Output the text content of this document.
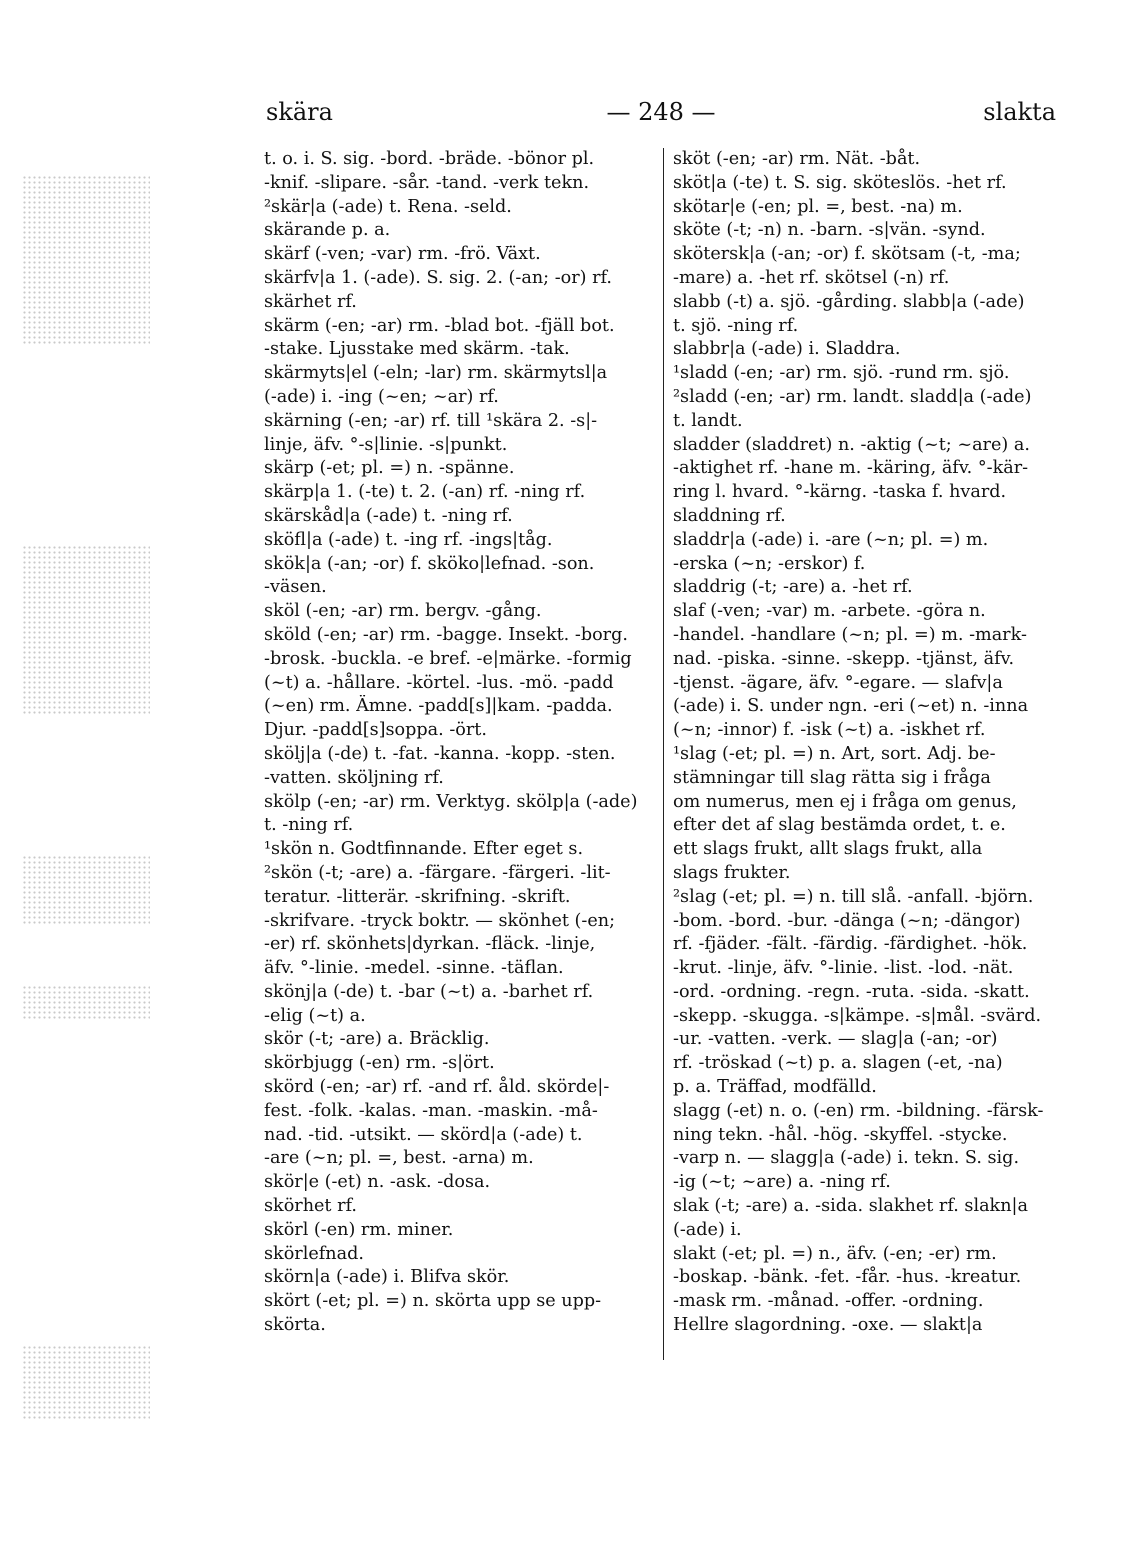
skära	— 248 —	slakta
t. o. i. S. sig. -bord. -bräde. -bönor pl.
-knif. -slipare. -sår. -tand. -verk tekn.
²skär|a (-ade) t. Rena. -seld.
skärande p. a.
skärf (-ven; -var) rm. -frö. Växt.
skärfv|a 1. (-ade). S. sig. 2. (-an; -or) rf.
skärhet rf.
skärm (-en; -ar) rm. -blad bot. -fjäll bot.
-stake. Ljusstake med skärm. -tak.
skärmyts|el (-eln; -lar) rm. skärmytsl|a
(-ade) i. -ing (~en; ~ar) rf.
skärning (-en; -ar) rf. till ¹skära 2. -s|-
linje, äfv. °-s|linie. -s|punkt.
skärp (-et; pl. =) n. -spänne.
skärp|a 1. (-te) t. 2. (-an) rf. -ning rf.
skärskåd|a (-ade) t. -ning rf.
sköfl|a (-ade) t. -ing rf. -ings|tåg.
skök|a (-an; -or) f. sköko|lefnad. -son.
-väsen.
sköl (-en; -ar) rm. bergv. -gång.
sköld (-en; -ar) rm. -bagge. Insekt. -borg.
-brosk. -buckla. -e bref. -e|märke. -formig
(~t) a. -hållare. -körtel. -lus. -mö. -padd
(~en) rm. Ämne. -padd[s]|kam. -padda.
Djur. -padd[s]soppa. -ört.
skölj|a (-de) t. -fat. -kanna. -kopp. -sten.
-vatten. sköljning rf.
skölp (-en; -ar) rm. Verktyg. skölp|a (-ade)
t. -ning rf.
¹skön n. Godtfinnande. Efter eget s.
²skön (-t; -are) a. -färgare. -färgeri. -lit-
teratur. -litterär. -skrifning. -skrift.
-skrifvare. -tryck boktr. — skönhet (-en;
-er) rf. skönhets|dyrkan. -fläck. -linje,
äfv. °-linie. -medel. -sinne. -täflan.
skönj|a (-de) t. -bar (~t) a. -barhet rf.
-elig (~t) a.
skör (-t; -are) a. Bräcklig.
skörbjugg (-en) rm. -s|ört.
skörd (-en; -ar) rf. -and rf. åld. skörde|-
fest. -folk. -kalas. -man. -maskin. -må-
nad. -tid. -utsikt. — skörd|a (-ade) t.
-are (~n; pl. =, best. -arna) m.
skör|e (-et) n. -ask. -dosa.
skörhet rf.
skörl (-en) rm. miner.
skörlefnad.
skörn|a (-ade) i. Blifva skör.
skört (-et; pl. =) n. skörta upp se upp-
skörta.
sköt (-en; -ar) rm. Nät. -båt.
sköt|a (-te) t. S. sig. sköteslös. -het rf.
skötar|e (-en; pl. =, best. -na) m.
sköte (-t; -n) n. -barn. -s|vän. -synd.
skötersk|a (-an; -or) f. skötsam (-t, -ma;
-mare) a. -het rf. skötsel (-n) rf.
slabb (-t) a. sjö. -gårding. slabb|a (-ade)
t. sjö. -ning rf.
slabbr|a (-ade) i. Sladdra.
¹sladd (-en; -ar) rm. sjö. -rund rm. sjö.
²sladd (-en; -ar) rm. landt. sladd|a (-ade)
t. landt.
sladder (sladdret) n. -aktig (~t; ~are) a.
-aktighet rf. -hane m. -käring, äfv. °-kär-
ring l. hvard. °-kärng. -taska f. hvard.
sladdning rf.
sladdr|a (-ade) i. -are (~n; pl. =) m.
-erska (~n; -erskor) f.
sladdrig (-t; -are) a. -het rf.
slaf (-ven; -var) m. -arbete. -göra n.
-handel. -handlare (~n; pl. =) m. -mark-
nad. -piska. -sinne. -skepp. -tjänst, äfv.
-tjenst. -ägare, äfv. °-egare. — slafv|a
(-ade) i. S. under ngn. -eri (~et) n. -inna
(~n; -innor) f. -isk (~t) a. -iskhet rf.
¹slag (-et; pl. =) n. Art, sort. Adj. be-
stämningar till slag rätta sig i fråga
om numerus, men ej i fråga om genus,
efter det af slag bestämda ordet, t. e.
ett slags frukt, allt slags frukt, alla
slags frukter.
²slag (-et; pl. =) n. till slå. -anfall. -björn.
-bom. -bord. -bur. -dänga (~n; -dängor)
rf. -fjäder. -fält. -färdig. -färdighet. -hök.
-krut. -linje, äfv. °-linie. -list. -lod. -nät.
-ord. -ordning. -regn. -ruta. -sida. -skatt.
-skepp. -skugga. -s|kämpe. -s|mål. -svärd.
-ur. -vatten. -verk. — slag|a (-an; -or)
rf. -tröskad (~t) p. a. slagen (-et, -na)
p. a. Träffad, modfälld.
slagg (-et) n. o. (-en) rm. -bildning. -färsk-
ning tekn. -hål. -hög. -skyffel. -stycke.
-varp n. — slagg|a (-ade) i. tekn. S. sig.
-ig (~t; ~are) a. -ning rf.
slak (-t; -are) a. -sida. slakhet rf. slakn|a
(-ade) i.
slakt (-et; pl. =) n., äfv. (-en; -er) rm.
-boskap. -bänk. -fet. -får. -hus. -kreatur.
-mask rm. -månad. -offer. -ordning.
Hellre slagordning. -oxe. — slakt|a
